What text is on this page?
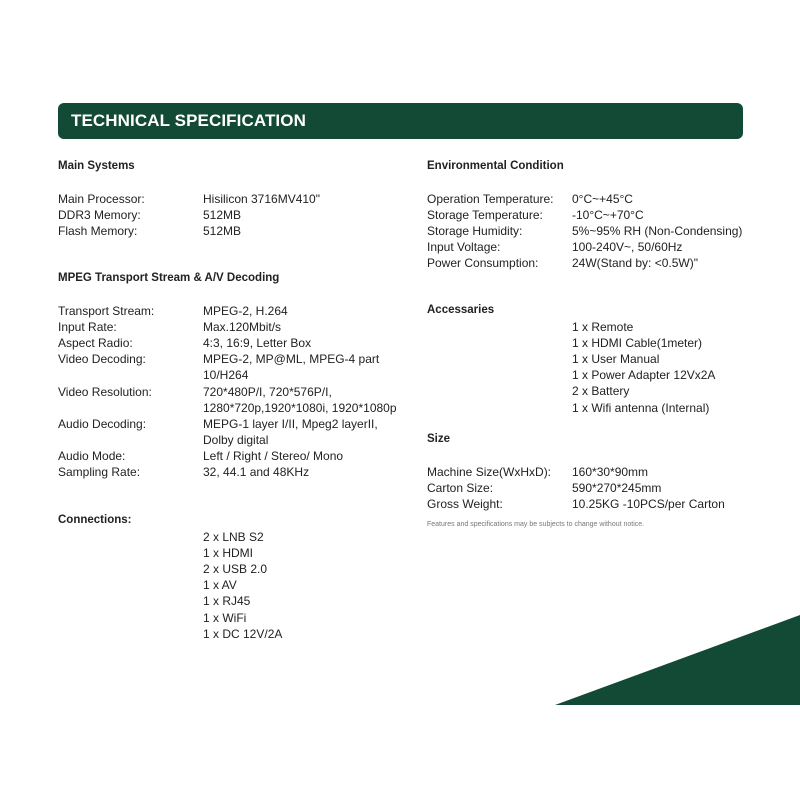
TECHNICAL SPECIFICATION
Main Systems
Main Processor:	Hisilicon 3716MV410"
DDR3 Memory:	512MB
Flash Memory:	512MB
MPEG Transport Stream & A/V Decoding
Transport Stream:	MPEG-2, H.264
Input Rate:	Max.120Mbit/s
Aspect Radio:	4:3, 16:9, Letter Box
Video Decoding:	MPEG-2, MP@ML, MPEG-4 part
10/H264
Video Resolution:	720*480P/I, 720*576P/I,
1280*720p,1920*1080i, 1920*1080p
Audio Decoding:	MEPG-1 layer I/II, Mpeg2 layerII,
Dolby digital
Audio Mode:	Left / Right / Stereo/ Mono
Sampling Rate:	32, 44.1 and 48KHz
Connections:
2 x LNB S2
1 x HDMI
2 x USB 2.0
1 x AV
1 x RJ45
1 x WiFi
1 x DC 12V/2A
Environmental Condition
Operation Temperature: 0°C~+45°C
Storage Temperature: -10°C~+70°C
Storage Humidity:	5%~95% RH (Non-Condensing)
Input Voltage:	100-240V~, 50/60Hz
Power Consumption:	24W(Stand by: <0.5W)"
Accessaries
1 x Remote
1 x HDMI Cable(1meter)
1 x User Manual
1 x Power Adapter 12Vx2A
2 x Battery
1 x Wifi antenna (Internal)
Size
Machine Size(WxHxD): 160*30*90mm
Carton Size:	590*270*245mm
Gross Weight:	10.25KG -10PCS/per Carton
Features and specifications may be subjects to change without notice.
